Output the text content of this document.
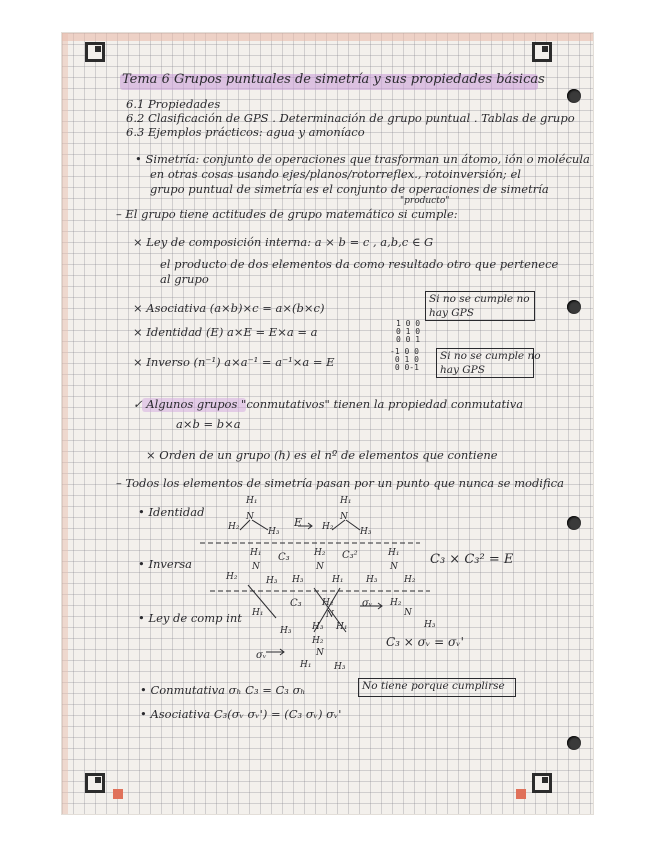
Tema 6 Grupos puntuales de simetría y sus propiedades básicas
6.1 Propiedades
6.2 Clasificación de GPS . Determinación de grupo puntual . Tablas de grupo
6.3 Ejemplos prácticos: agua y amoníaco
• Simetría: conjunto de operaciones que trasforman un átomo, ión o molécula
en otras cosas usando ejes/planos/rotorreflex., rotoinversión; el
grupo puntual de simetría es el conjunto de operaciones de simetría
"producto"
– El grupo tiene actitudes de grupo matemático si cumple:
× Ley de composición interna: a × b = c , a,b,c ∈ G
el producto de dos elementos da como resultado otro que pertenece
al grupo
× Asociativa (a×b)×c = a×(b×c)
Si no se cumple no
hay GPS
× Identidad (E) a×E = E×a = a
1 0 0
0 1 0
0 0 1
× Inverso (n⁻¹) a×a⁻¹ = a⁻¹×a = E
-1 0 0
0 1 0
0 0-1
Si no se cumple no
hay GPS
✓ Algunos grupos "conmutativos" tienen la propiedad conmutativa
a×b = b×a
× Orden de un grupo (h) es el nº de elementos que contiene
– Todos los elementos de simetría pasan por un punto que nunca se modifica
• Identidad
• Inversa	C₃ × C₃² = E
• Ley de comp int
C₃ × σᵥ = σᵥ'
• Conmutativa σₕ C₃ = C₃ σₕ	No tiene porque cumplirse
• Asociativa C₃(σᵥ σᵥ') = (C₃ σᵥ) σᵥ'
H₁
N
H₂	H₃
E
H₁
N
H₂	H₃
H₁
N
H₂	H₃
C₃	H₂
N
H₃	H₁
C₃²	H₁
N
H₃	H₂
H₁
H₃
C₃ H₂
N
H₃ H₁
σᵥ H₂
N
H₃
σᵥ
H₂
N
H₁	H₃
